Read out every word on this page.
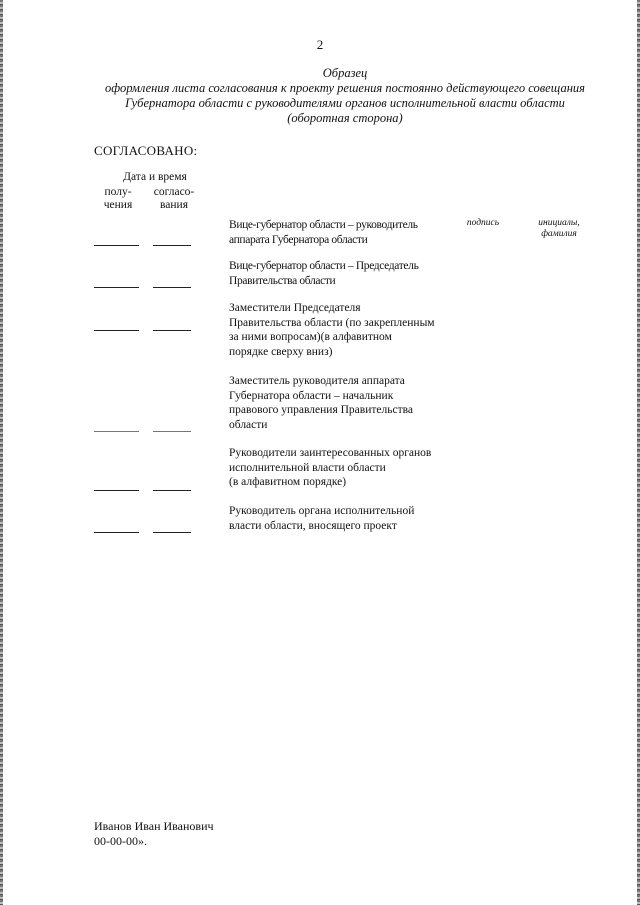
2
Образец
оформления листа согласования к проекту решения постоянно действующего совещания
Губернатора области с руководителями органов исполнительной власти области
(оборотная сторона)
СОГЛАСОВАНО:
Дата и время
полу-
чения
согласо-
вания
подпись	инициалы,
фамилия
Вице-губернатор области – руководитель
аппарата Губернатора области
Вице-губернатор области – Председатель
Правительства области
Заместители Председателя
Правительства области (по закрепленным
за ними вопросам)(в алфавитном
порядке сверху вниз)
Заместитель руководителя аппарата
Губернатора области – начальник
правового управления Правительства
области
Руководители заинтересованных органов
исполнительной власти области
(в алфавитном порядке)
Руководитель органа исполнительной
власти области, вносящего проект
Иванов Иван Иванович
00-00-00».
